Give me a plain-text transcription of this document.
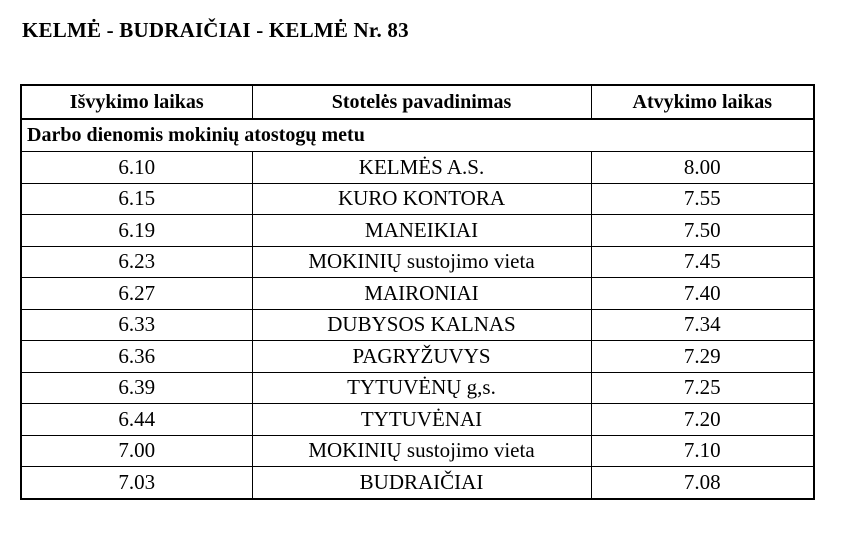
KELMĖ - BUDRAIČIAI - KELMĖ Nr. 83
Išvykimo laikas	Stotelės pavadinimas	Atvykimo laikas
Darbo dienomis mokinių atostogų metu		
6.10	KELMĖS A.S.	8.00
6.15	KURO KONTORA	7.55
6.19	MANEIKIAI	7.50
6.23	MOKINIŲ sustojimo vieta	7.45
6.27	MAIRONIAI	7.40
6.33	DUBYSOS KALNAS	7.34
6.36	PAGRYŽUVYS	7.29
6.39	TYTUVĖNŲ g,s.	7.25
6.44	TYTUVĖNAI	7.20
7.00	MOKINIŲ sustojimo vieta	7.10
7.03	BUDRAIČIAI	7.08
